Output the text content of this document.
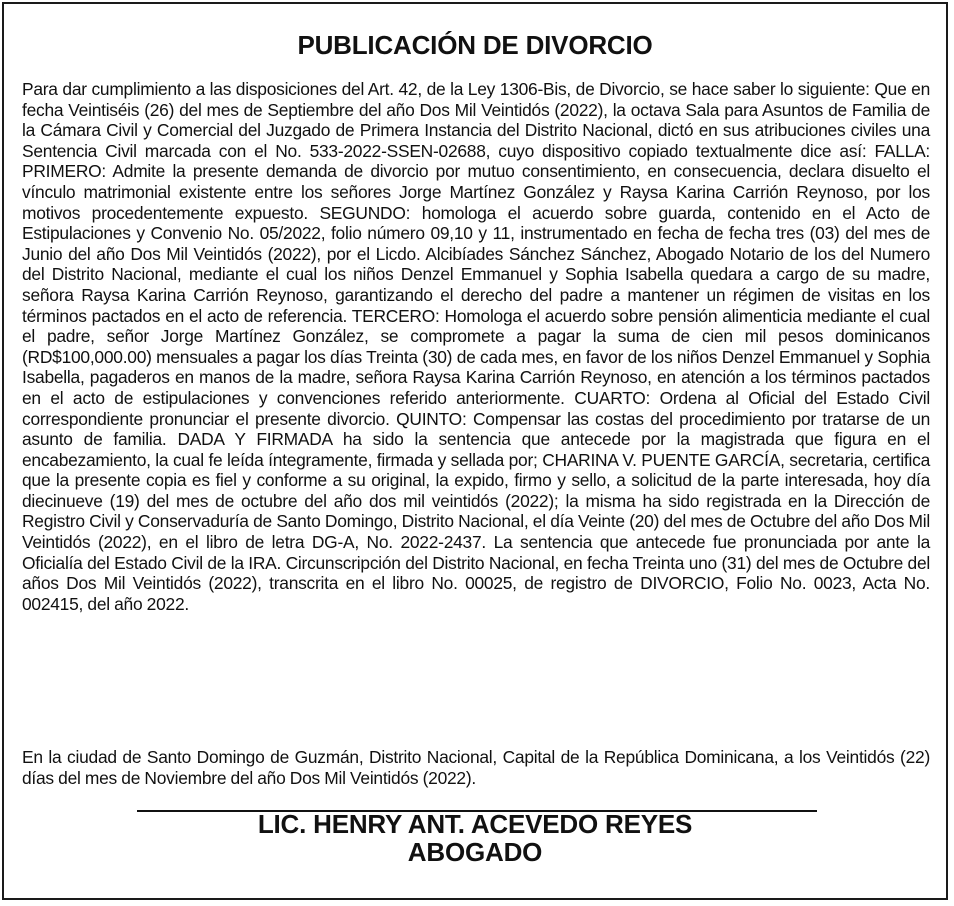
PUBLICACIÓN DE DIVORCIO

Para dar cumplimiento a las disposiciones del Art. 42, de la Ley 1306-Bis, de Divorcio, se hace saber lo siguiente: Que en fecha Veintiséis (26) del mes de Septiembre del año Dos Mil Veintidós (2022), la octava Sala para Asuntos de Familia de la Cámara Civil y Comercial del Juzgado de Primera Instancia del Distrito Nacional, dictó en sus atribuciones civiles una Sentencia Civil marcada con el No. 533-2022-SSEN-02688, cuyo dispositivo copiado textualmente dice así: FALLA: PRIMERO: Admite la presente demanda de divorcio por mutuo consentimiento, en consecuencia, declara disuelto el vínculo matrimonial existente entre los señores Jorge Martínez González y Raysa Karina Carrión Reynoso, por los motivos procedentemente expuesto. SEGUNDO: homologa el acuerdo sobre guarda, contenido en el Acto de Estipulaciones y Convenio No. 05/2022, folio número 09,10 y 11, instrumentado en fecha de fecha tres (03) del mes de Junio del año Dos Mil Veintidós (2022), por el Licdo. Alcibíades Sánchez Sánchez, Abogado Notario de los del Numero del Distrito Nacional, mediante el cual los niños Denzel Emmanuel y Sophia Isabella quedara a cargo de su madre, señora Raysa Karina Carrión Reynoso, garantizando el derecho del padre a mantener un régimen de visitas en los términos pactados en el acto de referencia. TERCERO: Homologa el acuerdo sobre pensión alimenticia mediante el cual el padre, señor Jorge Martínez González, se compromete a pagar la suma de cien mil pesos dominicanos (RD$100,000.00) mensuales a pagar los días Treinta (30) de cada mes, en favor de los niños Denzel Emmanuel y Sophia Isabella, pagaderos en manos de la madre, señora Raysa Karina Carrión Reynoso, en atención a los términos pactados en el acto de estipulaciones y convenciones referido anteriormente. CUARTO: Ordena al Oficial del Estado Civil correspondiente pronunciar el presente divorcio. QUINTO: Compensar las costas del procedimiento por tratarse de un asunto de familia. DADA Y FIRMADA ha sido la sentencia que antecede por la magistrada que figura en el encabezamiento, la cual fe leída íntegramente, firmada y sellada por; CHARINA V. PUENTE GARCÍA, secretaria, certifica que la presente copia es fiel y conforme a su original, la expido, firmo y sello, a solicitud de la parte interesada, hoy día diecinueve (19) del mes de octubre del año dos mil veintidós (2022); la misma ha sido registrada en la Dirección de Registro Civil y Conservaduría de Santo Domingo, Distrito Nacional, el día Veinte (20) del mes de Octubre del año Dos Mil Veintidós (2022), en el libro de letra DG-A, No. 2022-2437. La sentencia que antecede fue pronunciada por ante la Oficialía del Estado Civil de la IRA. Circunscripción del Distrito Nacional, en fecha Treinta uno (31) del mes de Octubre del años Dos Mil Veintidós (2022), transcrita en el libro No. 00025, de registro de DIVORCIO, Folio No. 0023, Acta No. 002415, del año 2022.

En la ciudad de Santo Domingo de Guzmán, Distrito Nacional, Capital de la República Dominicana, a los Veintidós (22) días del mes de Noviembre del año Dos Mil Veintidós (2022).

LIC. HENRY ANT. ACEVEDO REYES

ABOGADO
